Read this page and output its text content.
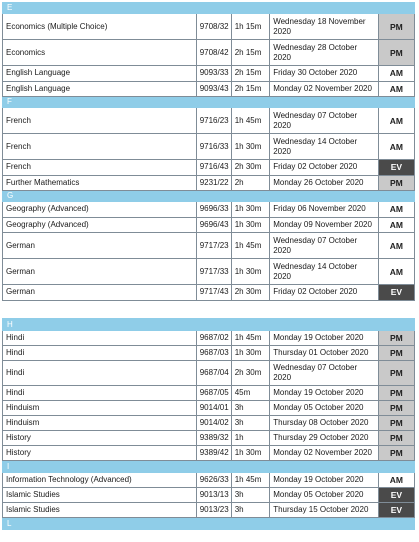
E				
Economics (Multiple Choice)	9708/32	1h 15m	Wednesday 18 November 2020	PM
Economics	9708/42	2h 15m	Wednesday 28 October 2020	PM
English Language	9093/33	2h 15m	Friday 30 October 2020	AM
English Language	9093/43	2h 15m	Monday 02 November 2020	AM
F				
French	9716/23	1h 45m	Wednesday 07 October 2020	AM
French	9716/33	1h 30m	Wednesday 14 October 2020	AM
French	9716/43	2h 30m	Friday 02 October 2020	EV
Further Mathematics	9231/22	2h	Monday 26 October 2020	PM
G				
Geography (Advanced)	9696/33	1h 30m	Friday 06 November 2020	AM
Geography (Advanced)	9696/43	1h 30m	Monday 09 November 2020	AM
German	9717/23	1h 45m	Wednesday 07 October 2020	AM
German	9717/33	1h 30m	Wednesday 14 October 2020	AM
German	9717/43	2h 30m	Friday 02 October 2020	EV
H				
Hindi	9687/02	1h 45m	Monday 19 October 2020	PM
Hindi	9687/03	1h 30m	Thursday 01 October 2020	PM
Hindi	9687/04	2h 30m	Wednesday 07 October 2020	PM
Hindi	9687/05	45m	Monday 19 October 2020	PM
Hinduism	9014/01	3h	Monday 05 October 2020	PM
Hinduism	9014/02	3h	Thursday 08 October 2020	PM
History	9389/32	1h	Thursday 29 October 2020	PM
History	9389/42	1h 30m	Monday 02 November 2020	PM
I				
Information Technology (Advanced)	9626/33	1h 45m	Monday 19 October 2020	AM
Islamic Studies	9013/13	3h	Monday 05 October 2020	EV
Islamic Studies	9013/23	3h	Thursday 15 October 2020	EV
L				
